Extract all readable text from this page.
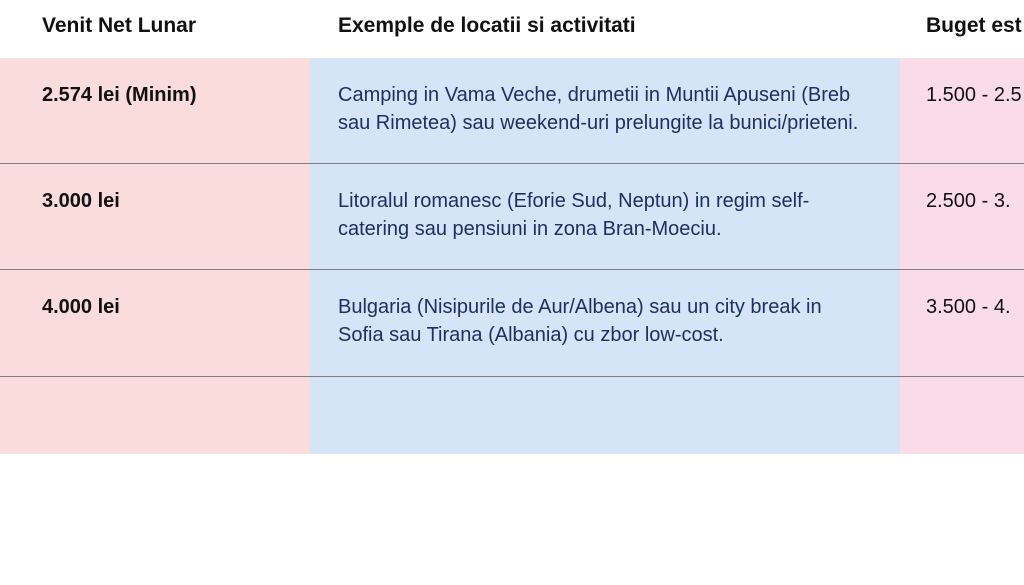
Venit Net Lunar	Exemple de locatii si activitati	Buget est
2.574 lei (Minim)	Camping in Vama Veche, drumetii in Muntii Apuseni (Breb sau Rimetea) sau weekend-uri prelungite la bunici/prieteni.	1.500 - 2.5
3.000 lei	Litoralul romanesc (Eforie Sud, Neptun) in regim self-catering sau pensiuni in zona Bran-Moeciu.	2.500 - 3.
4.000 lei	Bulgaria (Nisipurile de Aur/Albena) sau un city break in Sofia sau Tirana (Albania) cu zbor low-cost.	3.500 - 4.
